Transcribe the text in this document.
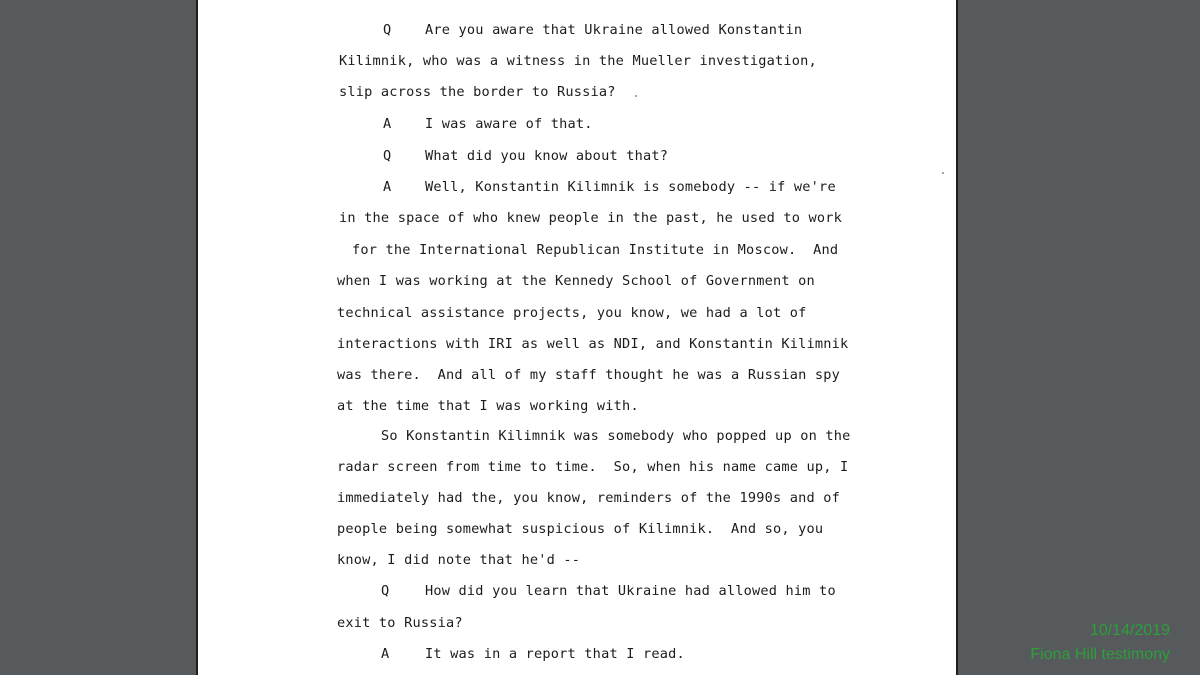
Q Are you aware that Ukraine allowed Konstantin
Kilimnik, who was a witness in the Mueller investigation,
slip across the border to Russia?
A I was aware of that.
Q What did you know about that?
A Well, Konstantin Kilimnik is somebody -- if we're
in the space of who knew people in the past, he used to work
for the International Republican Institute in Moscow.  And
when I was working at the Kennedy School of Government on
technical assistance projects, you know, we had a lot of
interactions with IRI as well as NDI, and Konstantin Kilimnik
was there.  And all of my staff thought he was a Russian spy
at the time that I was working with.
So Konstantin Kilimnik was somebody who popped up on the
radar screen from time to time.  So, when his name came up, I
immediately had the, you know, reminders of the 1990s and of
people being somewhat suspicious of Kilimnik.  And so, you
know, I did note that he'd --
Q	How did you learn that Ukraine had allowed him to
exit to Russia?
A	It was in a report that I read.
10/14/2019
Fiona Hill testimony
